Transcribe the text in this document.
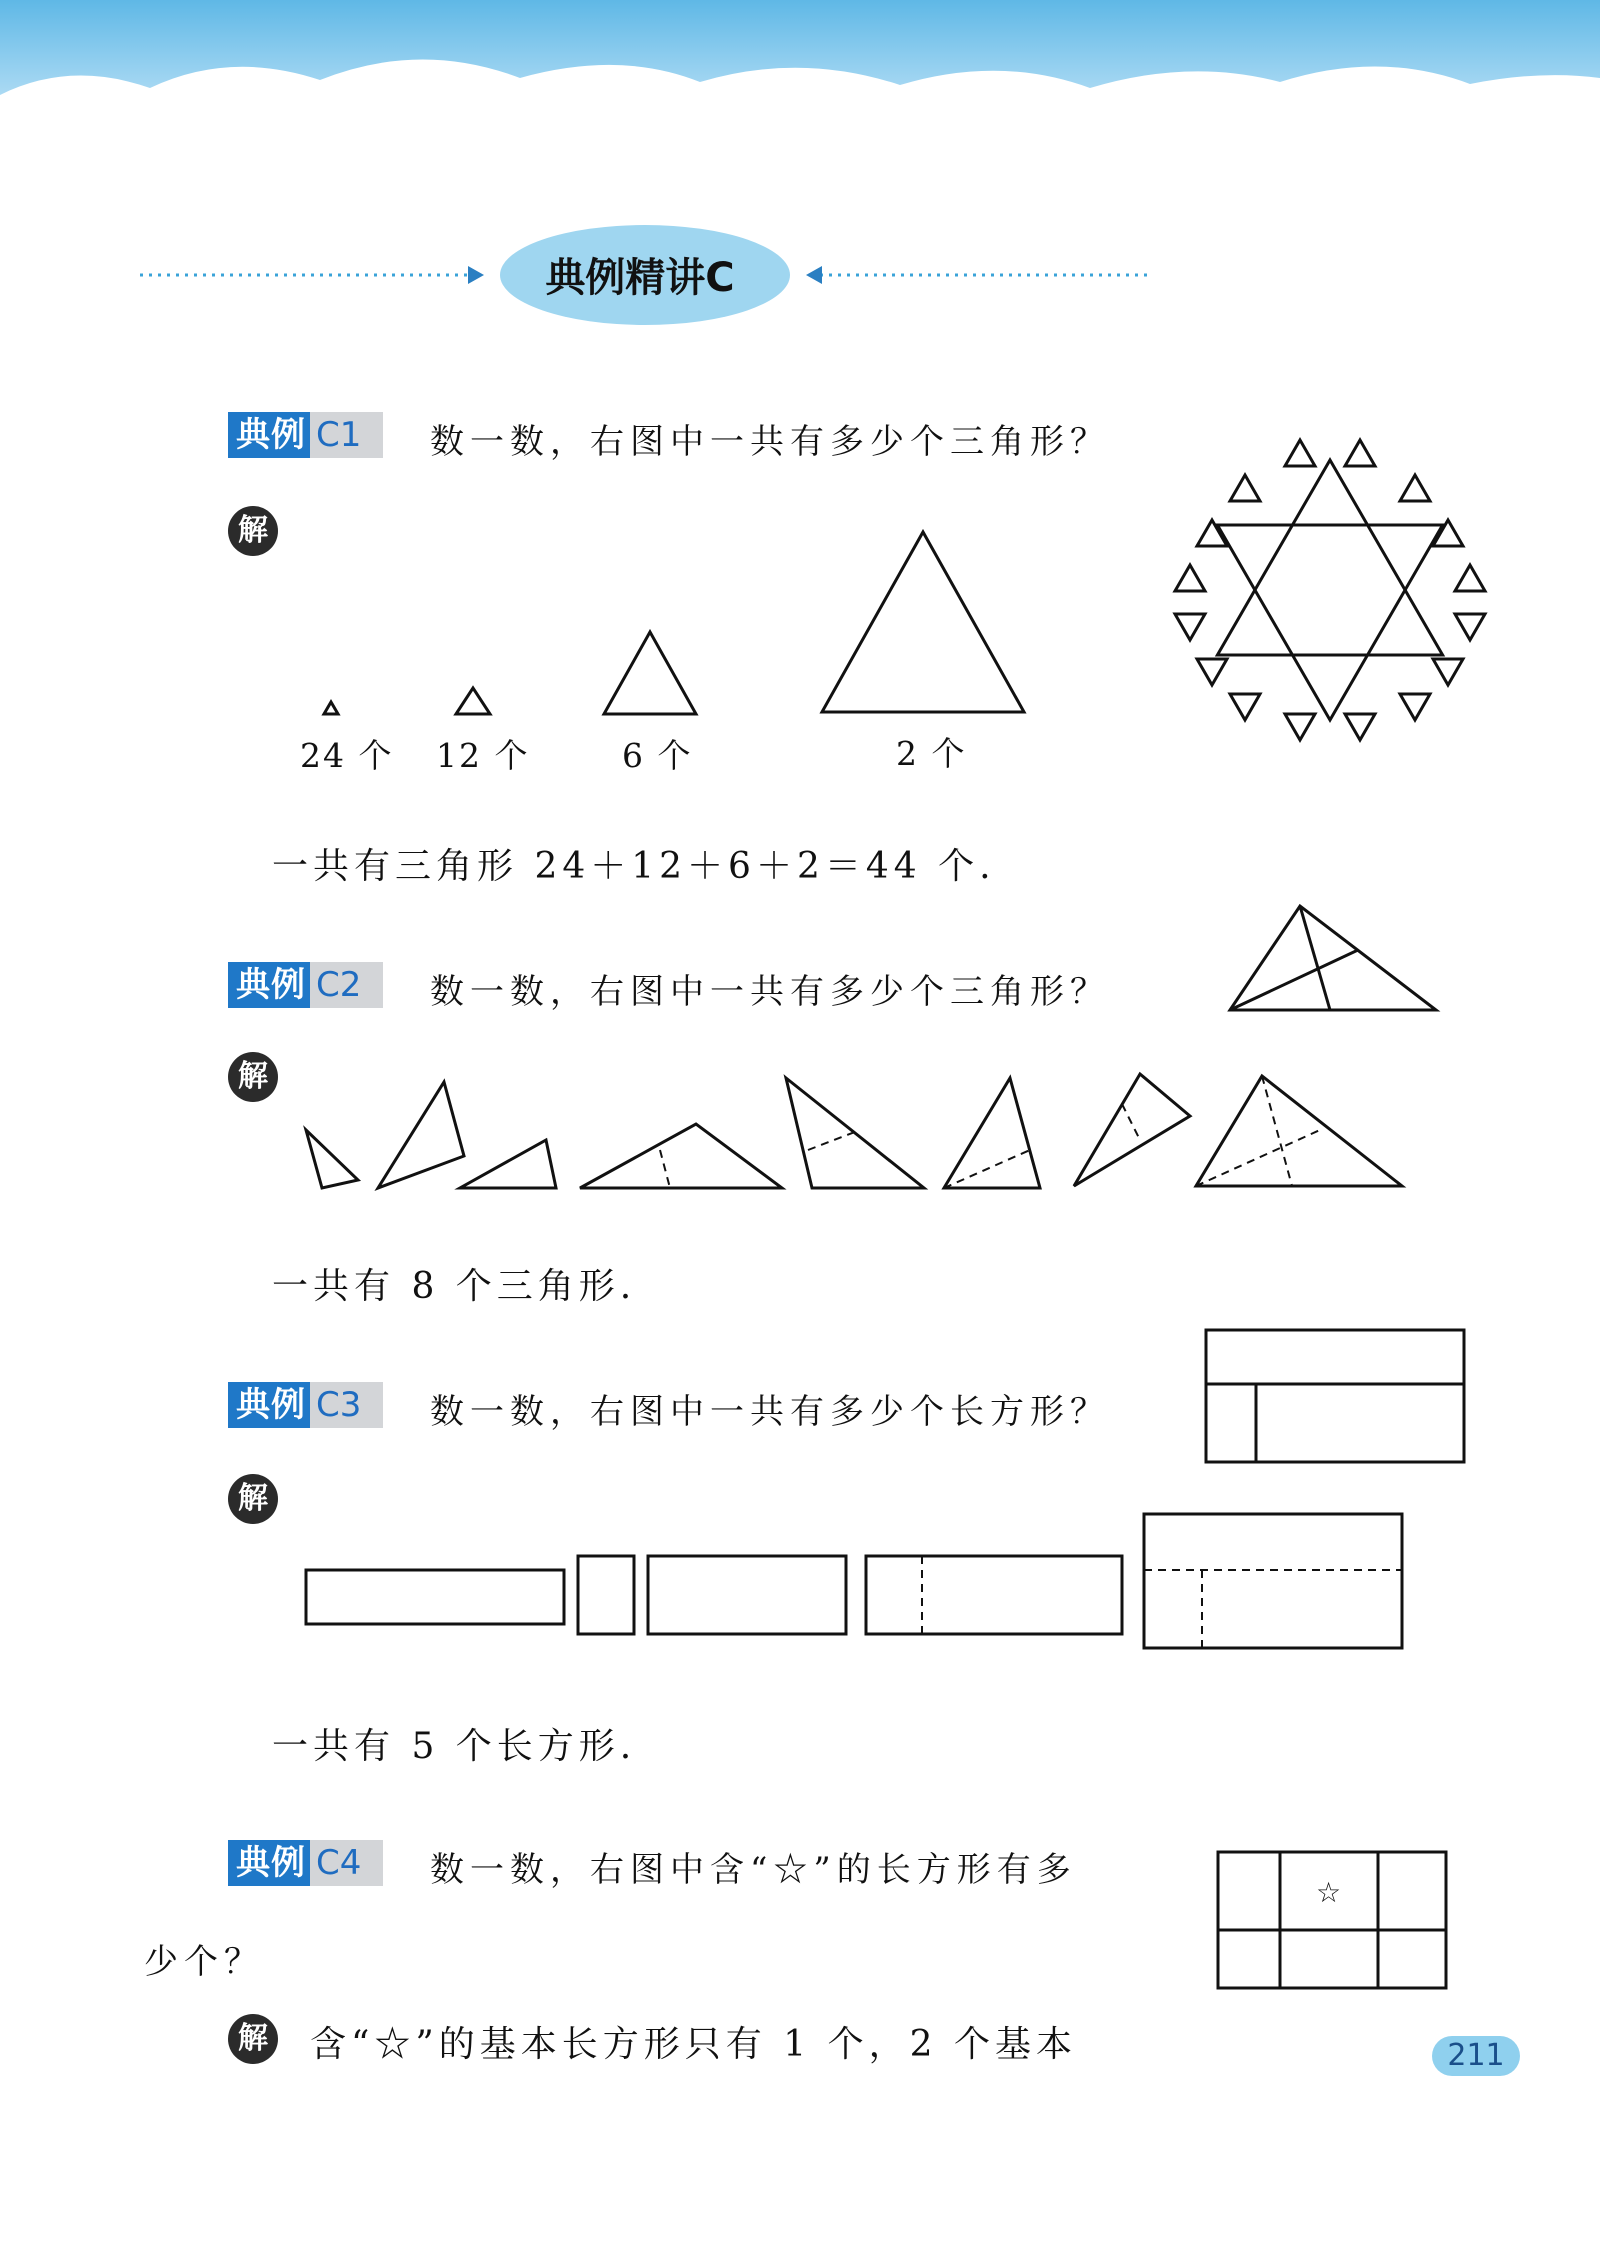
典例精讲C
典例 C1	数一数，右图中一共有多少个三角形？
解
24 个 12 个	6 个	2 个
一共有三角形 24＋12＋6＋2＝44 个.
典例 C2	数一数，右图中一共有多少个三角形？
解
一共有 8 个三角形.
典例 C3	数一数，右图中一共有多少个长方形？
解
一共有 5 个长方形.
典例 C4	数一数，右图中含“☆”的长方形有多
少个？
☆
解 含“☆”的基本长方形只有 1 个，2 个基本	211
